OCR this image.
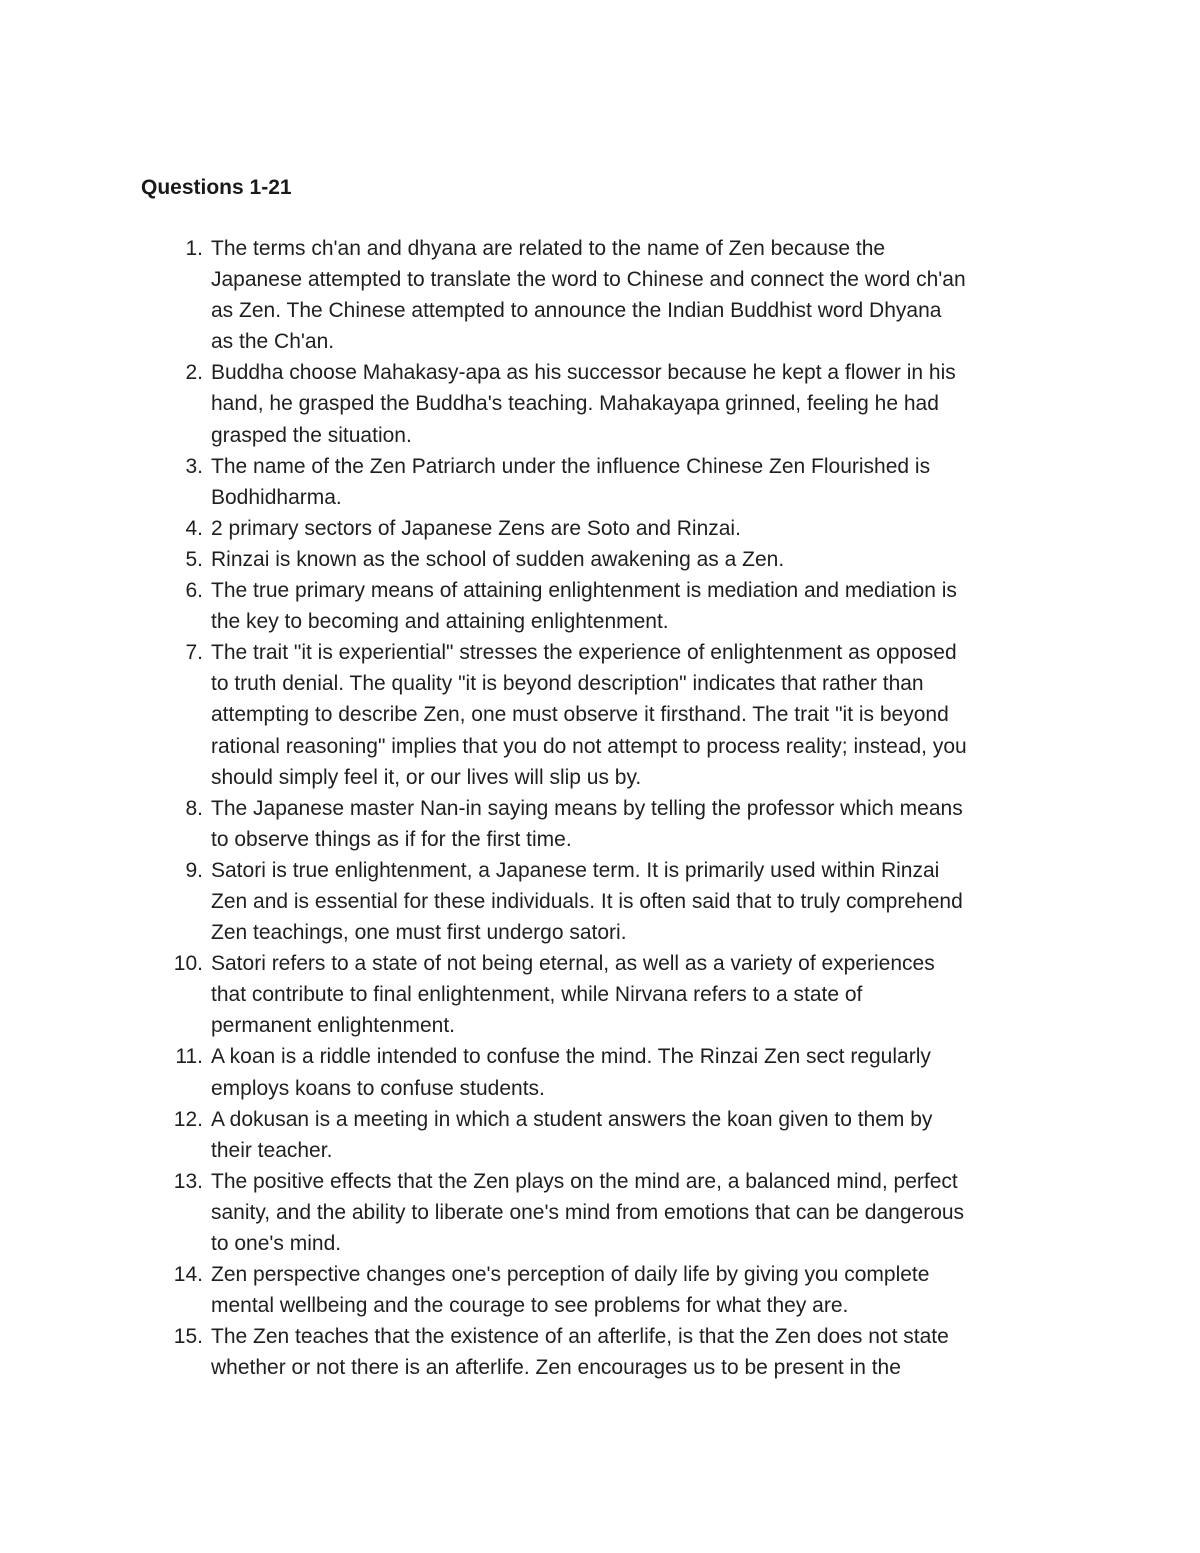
Questions 1-21
1. The terms ch'an and dhyana are related to the name of Zen because the
Japanese attempted to translate the word to Chinese and connect the word ch'an
as Zen. The Chinese attempted to announce the Indian Buddhist word Dhyana
as the Ch'an.
2. Buddha choose Mahakasy-apa as his successor because he kept a flower in his
hand, he grasped the Buddha's teaching. Mahakayapa grinned, feeling he had
grasped the situation.
3. The name of the Zen Patriarch under the influence Chinese Zen Flourished is
Bodhidharma.
4. 2 primary sectors of Japanese Zens are Soto and Rinzai.
5. Rinzai is known as the school of sudden awakening as a Zen.
6. The true primary means of attaining enlightenment is mediation and mediation is
the key to becoming and attaining enlightenment.
7. The trait "it is experiential" stresses the experience of enlightenment as opposed
to truth denial. The quality "it is beyond description" indicates that rather than
attempting to describe Zen, one must observe it firsthand. The trait "it is beyond
rational reasoning" implies that you do not attempt to process reality; instead, you
should simply feel it, or our lives will slip us by.
8. The Japanese master Nan-in saying means by telling the professor which means
to observe things as if for the first time.
9. Satori is true enlightenment, a Japanese term. It is primarily used within Rinzai
Zen and is essential for these individuals. It is often said that to truly comprehend
Zen teachings, one must first undergo satori.
10. Satori refers to a state of not being eternal, as well as a variety of experiences
that contribute to final enlightenment, while Nirvana refers to a state of
permanent enlightenment.
11. A koan is a riddle intended to confuse the mind. The Rinzai Zen sect regularly
employs koans to confuse students.
12. A dokusan is a meeting in which a student answers the koan given to them by
their teacher.
13. The positive effects that the Zen plays on the mind are, a balanced mind, perfect
sanity, and the ability to liberate one's mind from emotions that can be dangerous
to one's mind.
14. Zen perspective changes one's perception of daily life by giving you complete
mental wellbeing and the courage to see problems for what they are.
15. The Zen teaches that the existence of an afterlife, is that the Zen does not state
whether or not there is an afterlife. Zen encourages us to be present in the
